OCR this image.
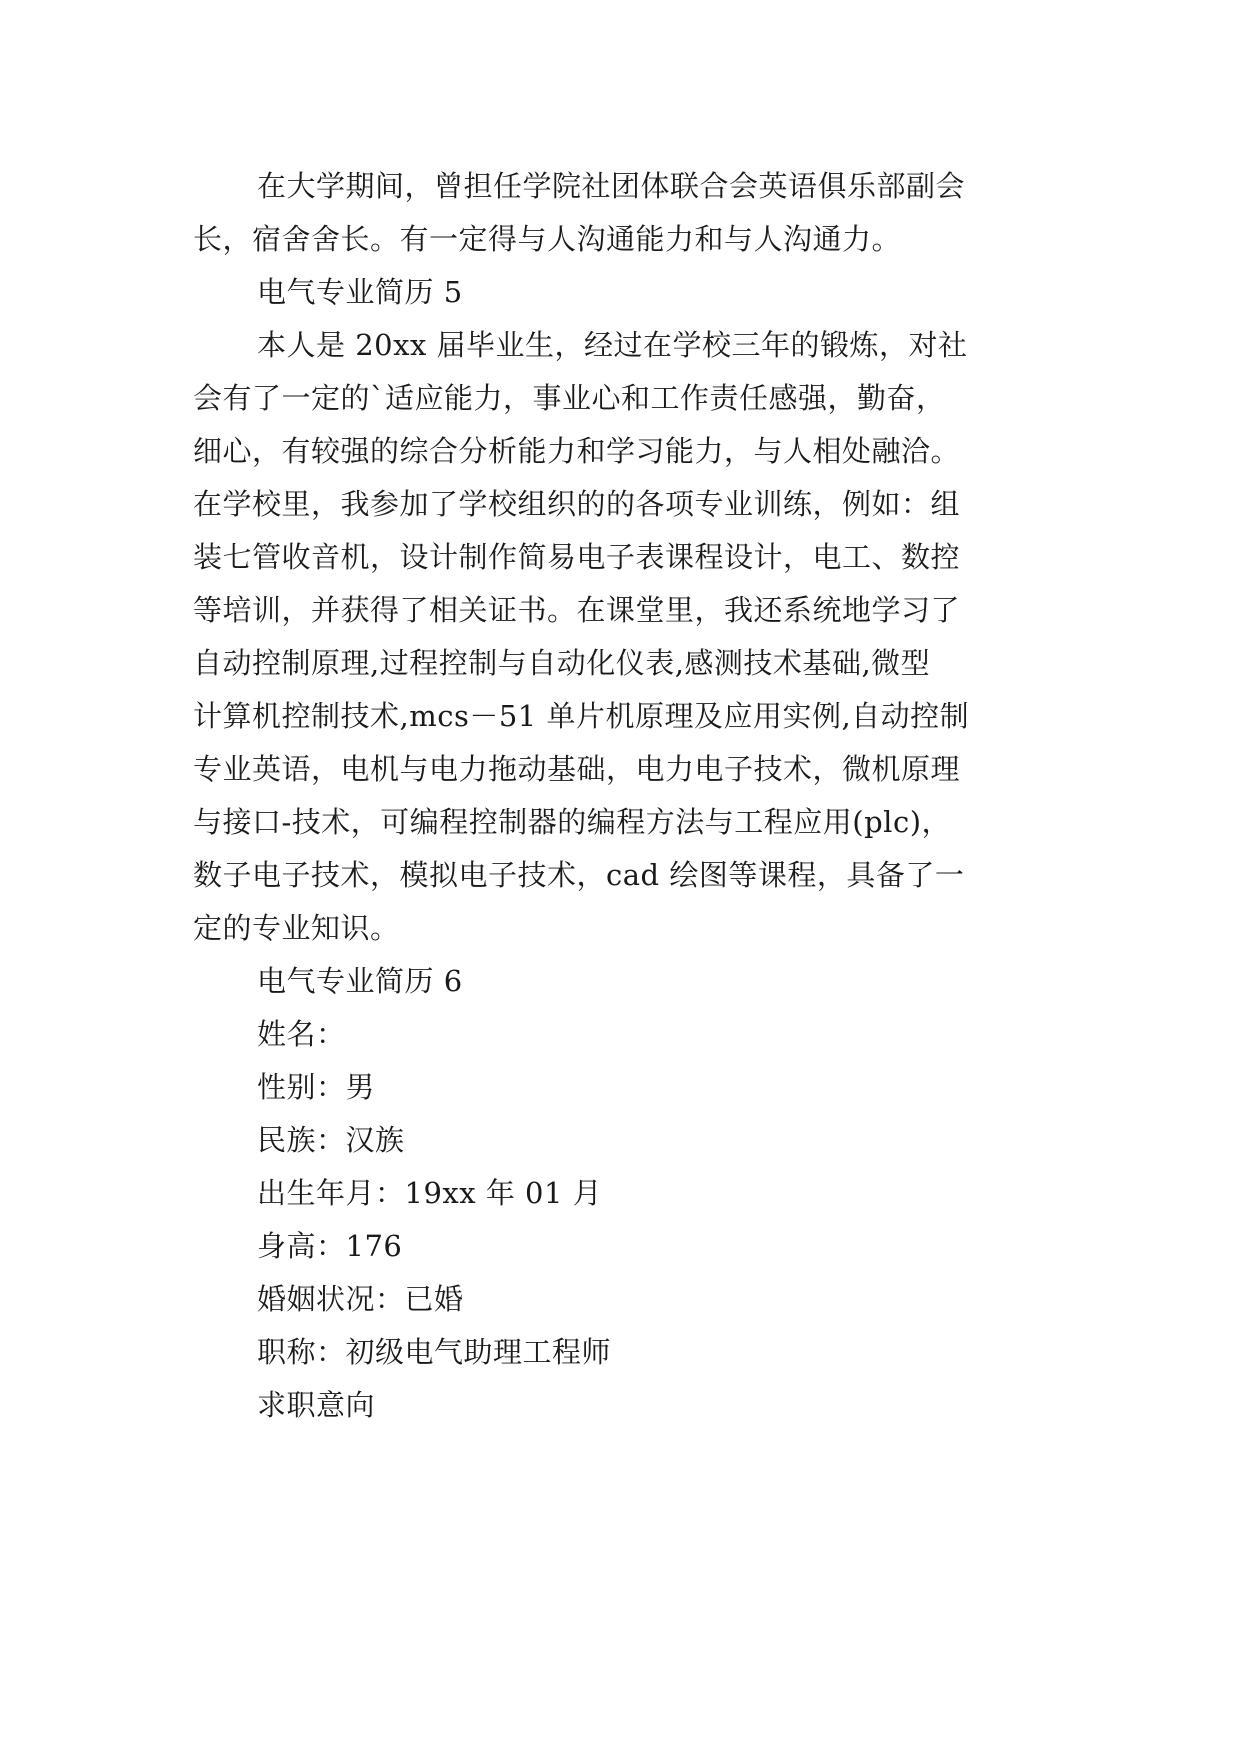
在大学期间，曾担任学院社团体联合会英语俱乐部副会
长，宿舍舍长。有一定得与人沟通能力和与人沟通力。
电气专业简历 5
本人是 20xx 届毕业生，经过在学校三年的锻炼，对社
会有了一定的`适应能力，事业心和工作责任感强，勤奋，
细心，有较强的综合分析能力和学习能力，与人相处融洽。
在学校里，我参加了学校组织的的各项专业训练，例如：组
装七管收音机，设计制作简易电子表课程设计，电工、数控
等培训，并获得了相关证书。在课堂里，我还系统地学习了
自动控制原理,过程控制与自动化仪表,感测技术基础,微型
计算机控制技术,mcs－51 单片机原理及应用实例,自动控制
专业英语，电机与电力拖动基础，电力电子技术，微机原理
与接口-技术，可编程控制器的编程方法与工程应用(plc)，
数子电子技术，模拟电子技术，cad 绘图等课程，具备了一
定的专业知识。
电气专业简历 6
姓名：
性别：男
民族：汉族
出生年月：19xx 年 01 月
身高：176
婚姻状况：已婚
职称：初级电气助理工程师
求职意向
